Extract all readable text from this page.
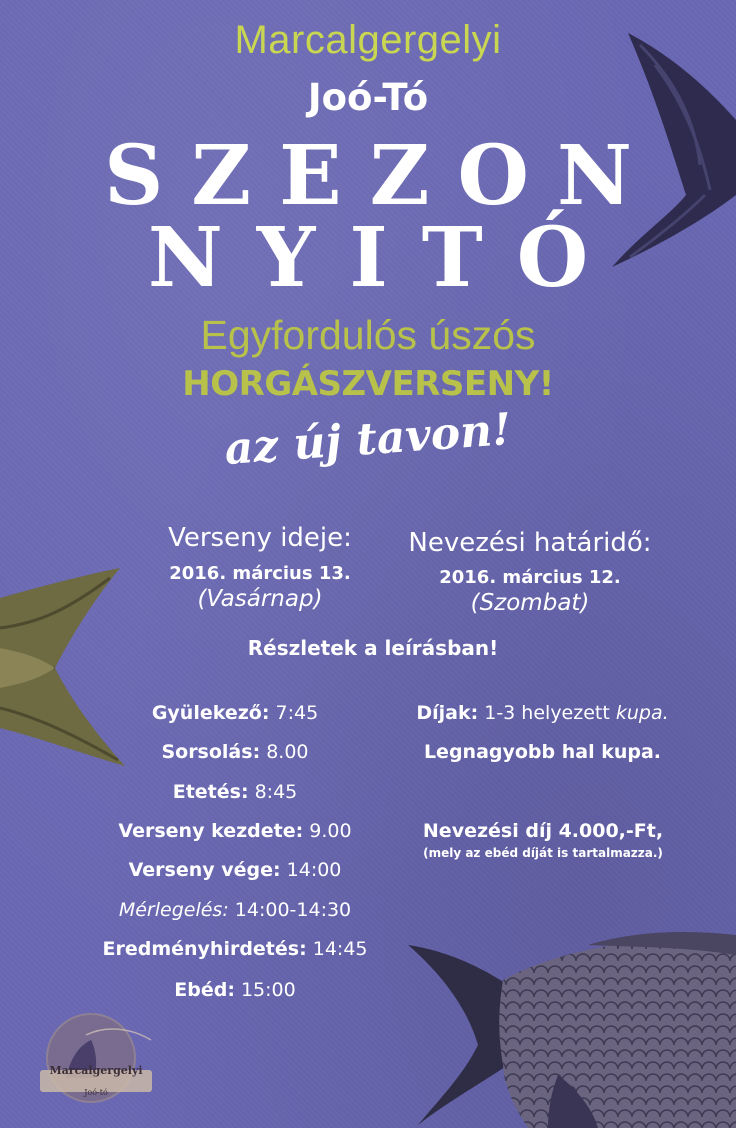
Marcalgergelyi
Joó-tó
Marcalgergelyi
Joó-Tó
SZEZON
NYITÓ
Egyfordulós úszós
HORGÁSZVERSENY!
az új tavon!
Verseny ideje:
2016. március 13.
(Vasárnap)
Nevezési határidő:
2016. március 12.
(Szombat)
Részletek a leírásban!
Gyülekező: 7:45
Sorsolás: 8.00
Etetés: 8:45
Verseny kezdete: 9.00
Verseny vége: 14:00
Mérlegelés: 14:00-14:30
Eredményhirdetés: 14:45
Ebéd: 15:00
Díjak: 1-3 helyezett kupa.
Legnagyobb hal kupa.
Nevezési díj 4.000,-Ft,
(mely az ebéd díját is tartalmazza.)
